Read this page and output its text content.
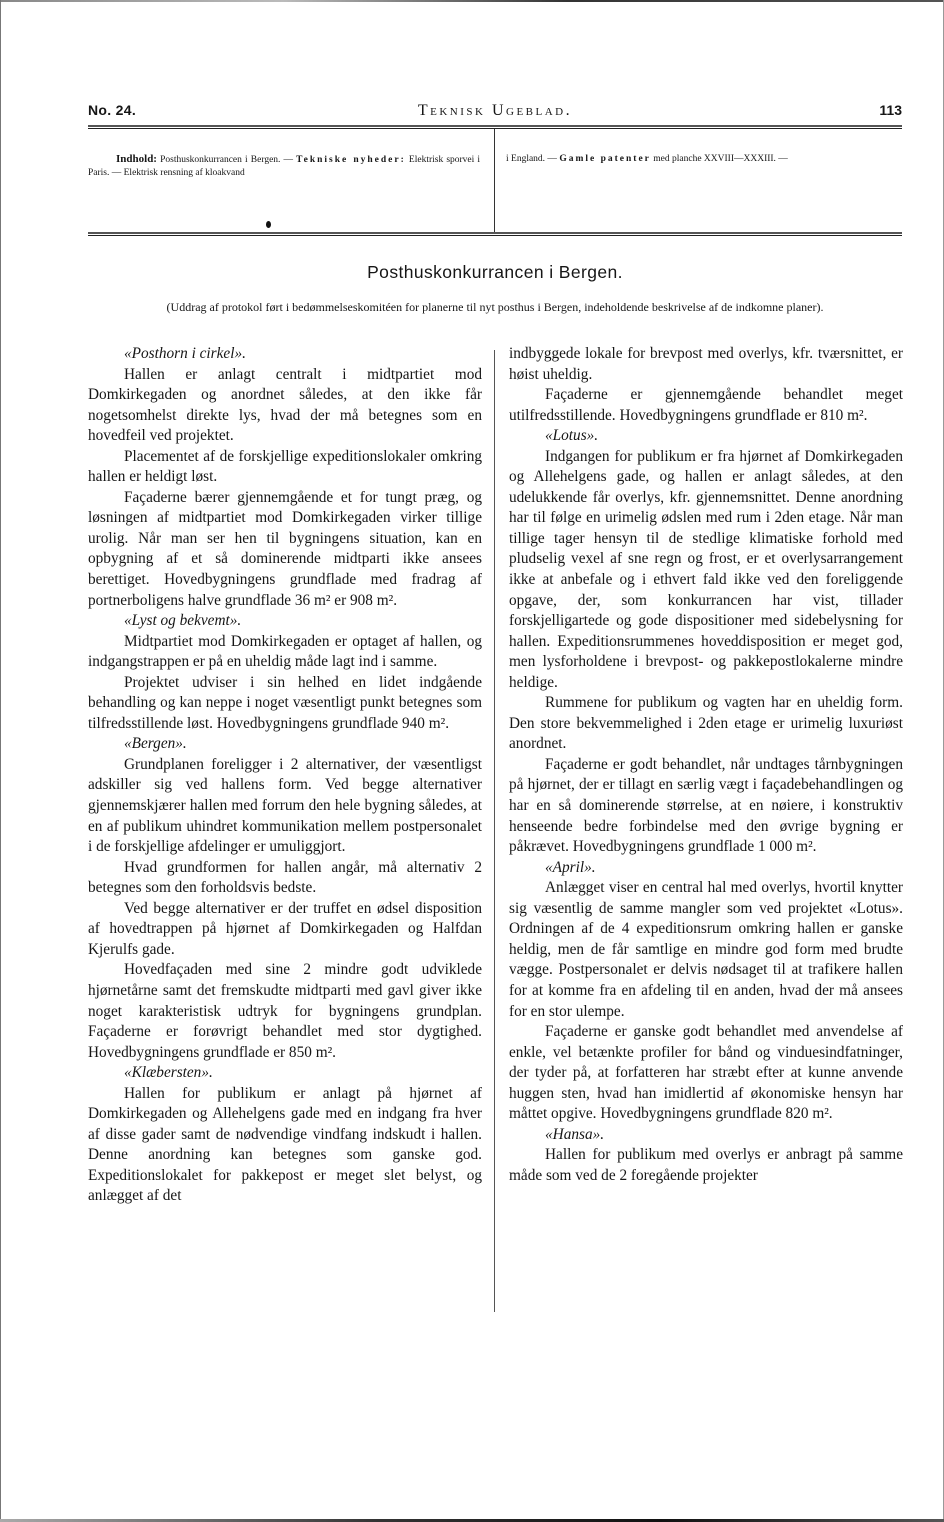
No. 24.	Teknisk Ugeblad.	113
Indhold: Posthuskonkurrancen i Bergen. — Tekniske nyheder: Elektrisk sporvei i Paris. — Elektrisk rensning af kloakvand
i England. — Gamle patenter med planche XXVIII—XXXIII. —
Posthuskonkurrancen i Bergen.
(Uddrag af protokol ført i bedømmelseskomitéen for planerne til nyt posthus i Bergen, indeholdende beskrivelse af de indkomne planer).

«Posthorn i cirkel».

Hallen er anlagt centralt i midtpartiet mod Domkirkegaden og anordnet således, at den ikke får nogetsomhelst direkte lys, hvad der må betegnes som en hovedfeil ved projektet.

Placementet af de forskjellige expeditionslokaler omkring hallen er heldigt løst.

Façaderne bærer gjennemgående et for tungt præg, og løsningen af midtpartiet mod Domkirkegaden virker tillige urolig. Når man ser hen til bygningens situation, kan en opbygning af et så dominerende midtparti ikke ansees berettiget. Hovedbygningens grundflade med fradrag af portnerboligens halve grundflade 36 m² er 908 m².

«Lyst og bekvemt».

Midtpartiet mod Domkirkegaden er optaget af hallen, og indgangstrappen er på en uheldig måde lagt ind i samme.

Projektet udviser i sin helhed en lidet indgående behandling og kan neppe i noget væsentligt punkt betegnes som tilfredsstillende løst. Hovedbygningens grundflade 940 m².

«Bergen».

Grundplanen foreligger i 2 alternativer, der væsentligst adskiller sig ved hallens form. Ved begge alternativer gjennemskjærer hallen med forrum den hele bygning således, at en af publikum uhindret kommunikation mellem postpersonalet i de forskjellige afdelinger er umuliggjort.

Hvad grundformen for hallen angår, må alternativ 2 betegnes som den forholdsvis bedste.

Ved begge alternativer er der truffet en ødsel disposition af hovedtrappen på hjørnet af Domkirkegaden og Halfdan Kjerulfs gade.

Hovedfaçaden med sine 2 mindre godt udviklede hjørnetårne samt det fremskudte midtparti med gavl giver ikke noget karakteristisk udtryk for bygningens grundplan. Façaderne er forøvrigt behandlet med stor dygtighed. Hovedbygningens grundflade er 850 m².

«Klæbersten».

Hallen for publikum er anlagt på hjørnet af Domkirkegaden og Allehelgens gade med en indgang fra hver af disse gader samt de nødvendige vindfang indskudt i hallen. Denne anordning kan betegnes som ganske god. Expeditionslokalet for pakkepost er meget slet belyst, og anlægget af det

indbyggede lokale for brevpost med overlys, kfr. tværsnittet, er høist uheldig.

Façaderne er gjennemgående behandlet meget utilfredsstillende. Hovedbygningens grundflade er 810 m².

«Lotus».

Indgangen for publikum er fra hjørnet af Domkirkegaden og Allehelgens gade, og hallen er anlagt således, at den udelukkende får overlys, kfr. gjennemsnittet. Denne anordning har til følge en urimelig ødslen med rum i 2den etage. Når man tillige tager hensyn til de stedlige klimatiske forhold med pludselig vexel af sne regn og frost, er et overlysarrangement ikke at anbefale og i ethvert fald ikke ved den foreliggende opgave, der, som konkurrancen har vist, tillader forskjelligartede og gode dispositioner med sidebelysning for hallen. Expeditionsrummenes hoveddisposition er meget god, men lysforholdene i brevpost- og pakkepostlokalerne mindre heldige.

Rummene for publikum og vagten har en uheldig form. Den store bekvemmelighed i 2den etage er urimelig luxuriøst anordnet.

Façaderne er godt behandlet, når undtages tårnbygningen på hjørnet, der er tillagt en særlig vægt i façadebehandlingen og har en så dominerende størrelse, at en nøiere, i konstruktiv henseende bedre forbindelse med den øvrige bygning er påkrævet. Hovedbygningens grundflade 1 000 m².

«April».

Anlægget viser en central hal med overlys, hvortil knytter sig væsentlig de samme mangler som ved projektet «Lotus». Ordningen af de 4 expeditionsrum omkring hallen er ganske heldig, men de får samtlige en mindre god form med brudte vægge. Postpersonalet er delvis nødsaget til at trafikere hallen for at komme fra en afdeling til en anden, hvad der må ansees for en stor ulempe.

Façaderne er ganske godt behandlet med anvendelse af enkle, vel betænkte profiler for bånd og vinduesindfatninger, der tyder på, at forfatteren har stræbt efter at kunne anvende huggen sten, hvad han imidlertid af økonomiske hensyn har måttet opgive. Hovedbygningens grundflade 820 m².

«Hansa».

Hallen for publikum med overlys er anbragt på samme måde som ved de 2 foregående projekter
